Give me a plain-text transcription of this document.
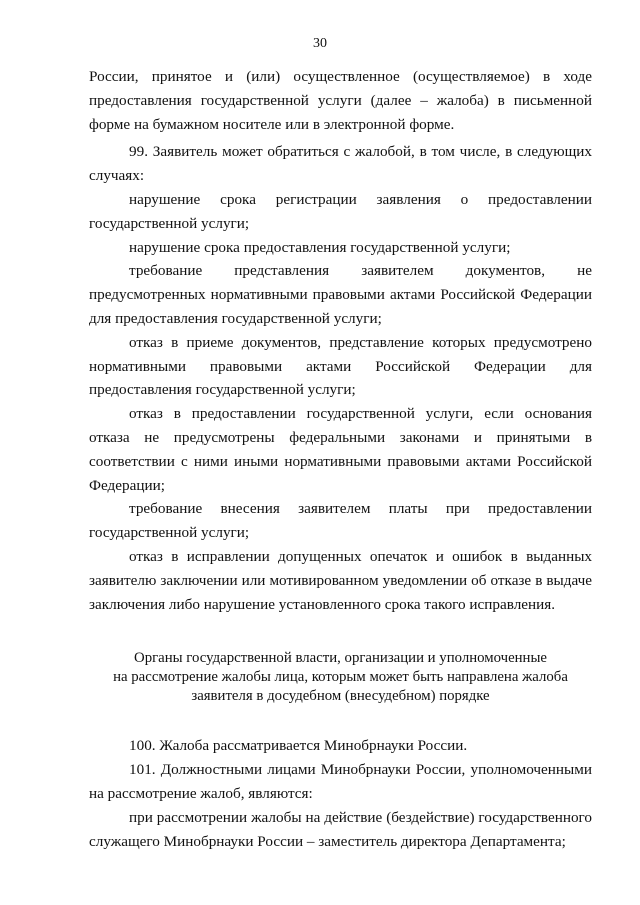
30

России, принятое и (или) осуществленное (осуществляемое) в ходе предоставления государственной услуги (далее – жалоба) в письменной форме на бумажном носителе или в электронной форме.

99. Заявитель может обратиться с жалобой, в том числе, в следующих случаях:

нарушение срока регистрации заявления о предоставлении государственной услуги;

нарушение срока предоставления государственной услуги;

требование представления заявителем документов, не предусмотренных нормативными правовыми актами Российской Федерации для предоставления государственной услуги;

отказ в приеме документов, представление которых предусмотрено нормативными правовыми актами Российской Федерации для предоставления государственной услуги;

отказ в предоставлении государственной услуги, если основания отказа не предусмотрены федеральными законами и принятыми в соответствии с ними иными нормативными правовыми актами Российской Федерации;

требование внесения заявителем платы при предоставлении государственной услуги;

отказ в исправлении допущенных опечаток и ошибок в выданных заявителю заключении или мотивированном уведомлении об отказе в выдаче заключения либо нарушение установленного срока такого исправления.

Органы государственной власти, организации и уполномоченные
на рассмотрение жалобы лица, которым может быть направлена жалоба
заявителя в досудебном (внесудебном) порядке

100. Жалоба рассматривается Минобрнауки России.

101. Должностными лицами Минобрнауки России, уполномоченными на рассмотрение жалоб, являются:

при рассмотрении жалобы на действие (бездействие) государственного служащего Минобрнауки России – заместитель директора Департамента;
